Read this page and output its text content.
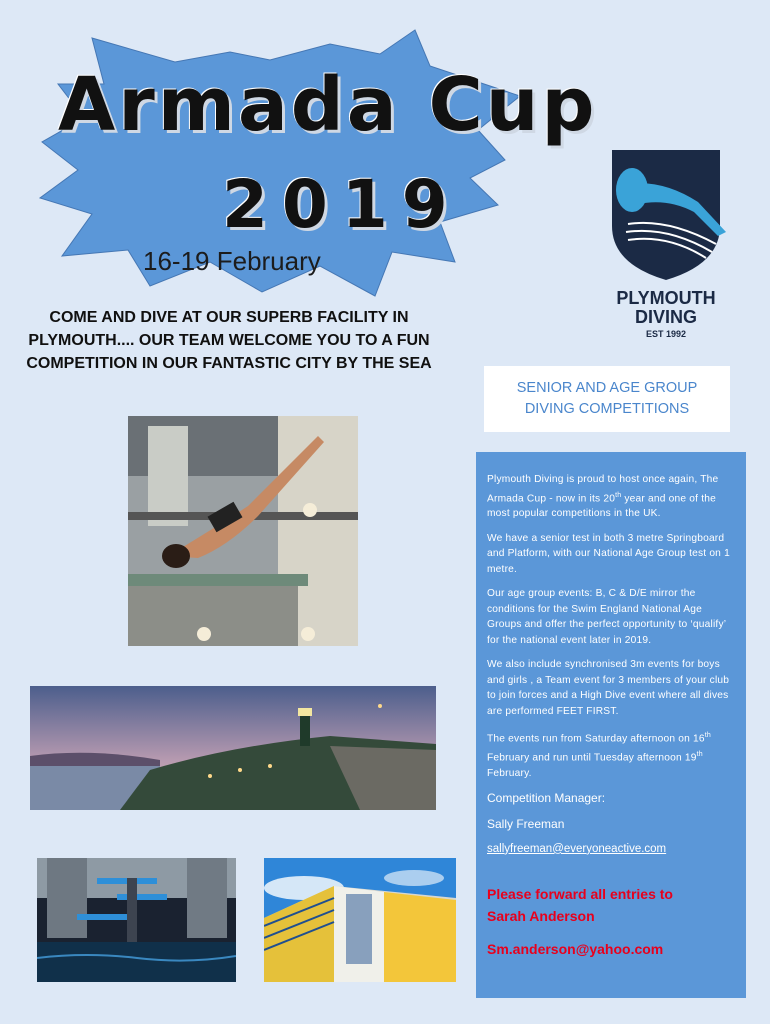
Armada Cup
2019
16-19 February
COME AND DIVE AT OUR SUPERB FACILITY IN PLYMOUTH.... OUR TEAM WELCOME YOU TO A FUN COMPETITION IN OUR FANTASTIC CITY BY THE SEA
PLYMOUTH
DIVING
EST 1992
SENIOR AND AGE GROUP
DIVING COMPETITIONS

Plymouth Diving is proud to host once again, The Armada Cup - now in its 20th year and one of the most popular competitions in the UK.

We have a senior test in both 3 metre Springboard and Platform, with our National Age Group test on 1 metre.

Our age group events: B, C & D/E mirror the conditions for the Swim England National Age Groups and offer the perfect opportunity to ‘qualify’ for the national event later in 2019.

We also include synchronised 3m events for boys and girls , a Team event for 3 members of your club to join forces and a High Dive event where all dives are performed FEET FIRST.

The events run from Saturday afternoon on 16th February and run until Tuesday afternoon 19th February.

Competition Manager:
Sally Freeman
sallyfreeman@everyoneactive.com
Please forward all entries to
Sarah Anderson
Sm.anderson@yahoo.com
